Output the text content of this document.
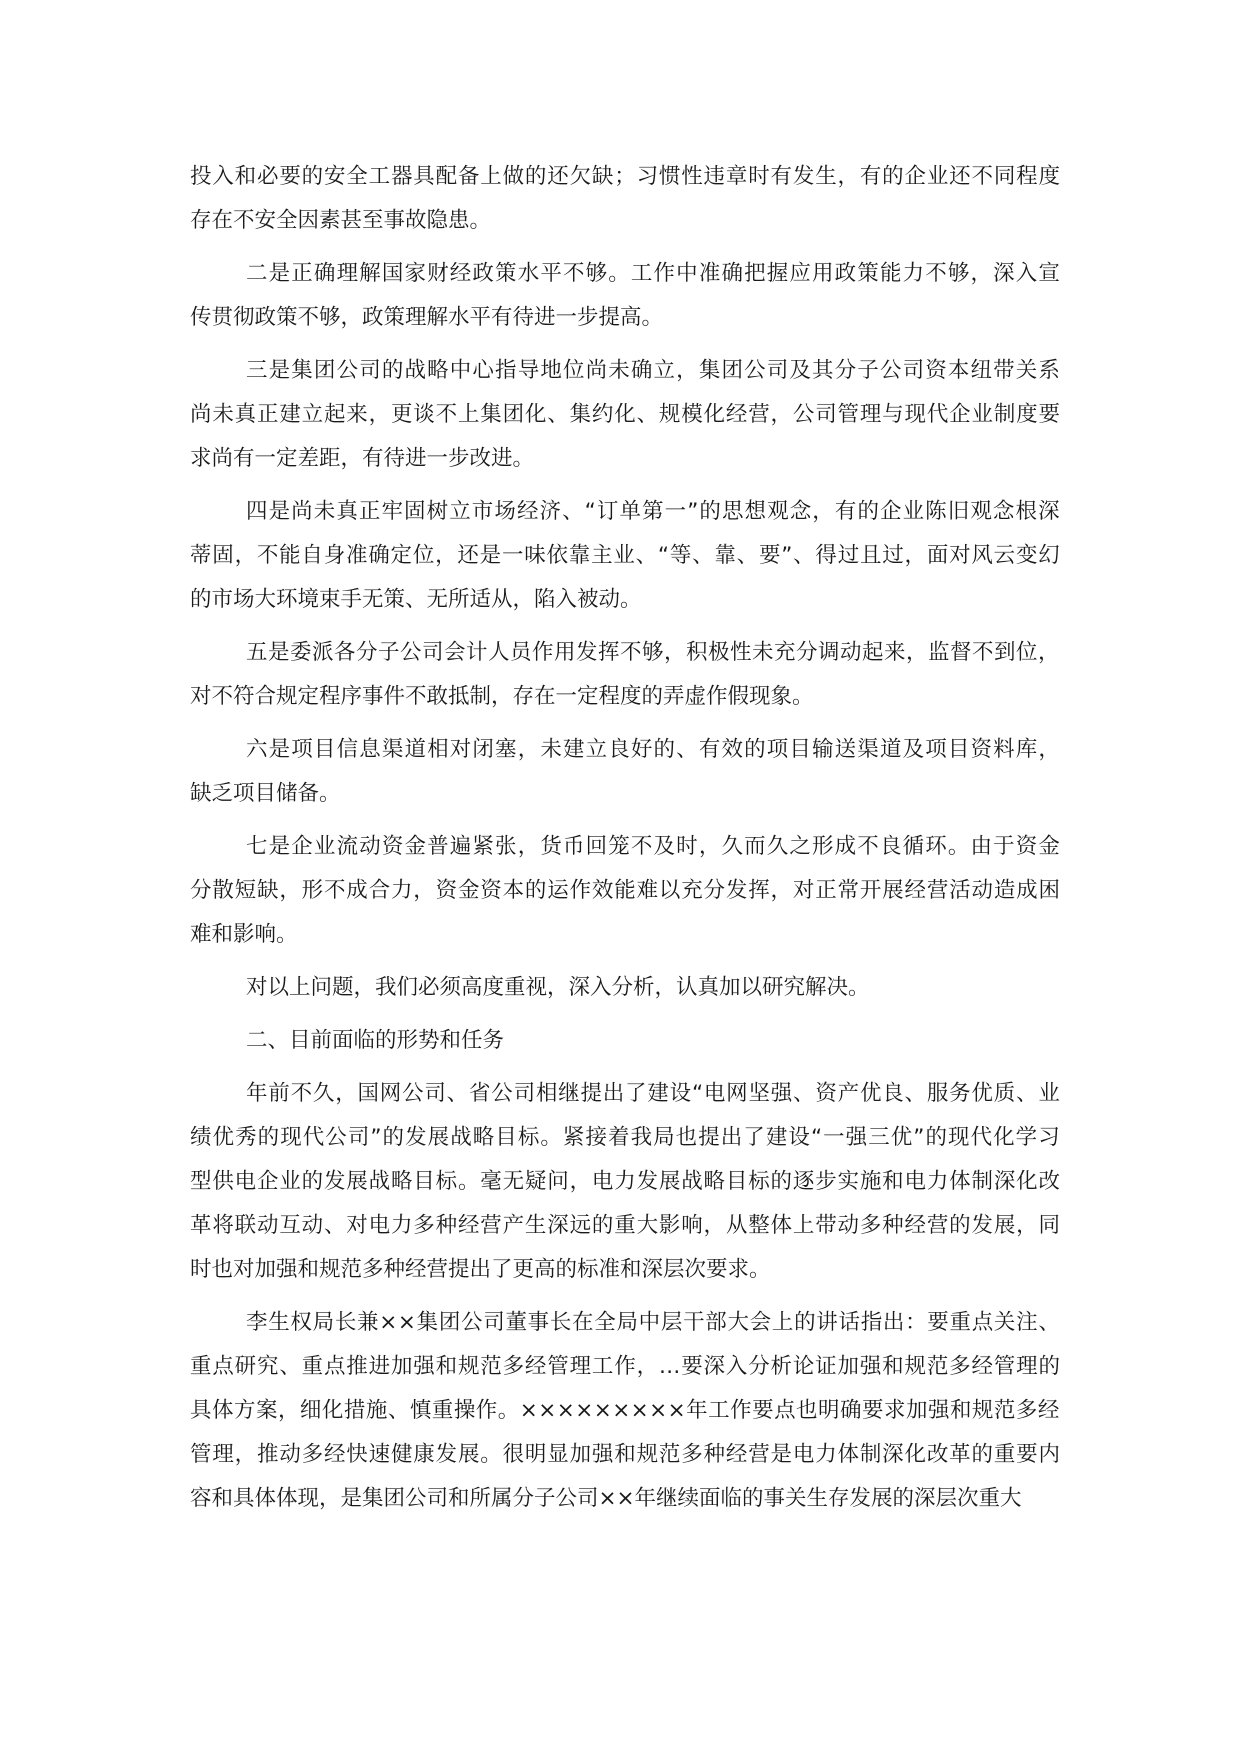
投 入 和 必 要 的 安 全 工 器 具 配 备 上 做 的 还 欠 缺 ； 习 惯 性 违 章 时 有 发 生 ， 有 的 企 业 还 不 同 程 度
存在不安全因素甚至事故隐患。
二 是 正 确 理 解 国 家 财 经 政 策 水 平 不 够 。 工 作 中 准 确 把 握 应 用 政 策 能 力 不 够 ， 深 入 宣
传贯彻政策不够，政策理解水平有待进一步提高。
三 是 集 团 公 司 的 战 略 中 心 指 导 地 位 尚 未 确 立 ， 集 团 公 司 及 其 分 子 公 司 资 本 纽 带 关 系
尚 未 真 正 建 立 起 来 ， 更 谈 不 上 集 团 化 、 集 约 化 、 规 模 化 经 营 ， 公 司 管 理 与 现 代 企 业 制 度 要
求尚有一定差距，有待进一步改进。
四 是 尚 未 真 正 牢 固 树 立 市 场 经 济 、 “ 订 单 第 一 ” 的 思 想 观 念 ， 有 的 企 业 陈 旧 观 念 根 深
蒂 固 ， 不 能 自 身 准 确 定 位 ， 还 是 一 味 依 靠 主 业 、 “ 等 、 靠 、 要 ” 、 得 过 且 过 ， 面 对 风 云 变 幻
的市场大环境束手无策、无所适从，陷入被动。
五 是 委 派 各 分 子 公 司 会 计 人 员 作 用 发 挥 不 够 ， 积 极 性 未 充 分 调 动 起 来 ， 监 督 不 到 位 ，
对不符合规定程序事件不敢抵制，存在一定程度的弄虚作假现象。
六 是 项 目 信 息 渠 道 相 对 闭 塞 ， 未 建 立 良 好 的 、 有 效 的 项 目 输 送 渠 道 及 项 目 资 料 库 ，
缺乏项目储备。
七 是 企 业 流 动 资 金 普 遍 紧 张 ， 货 币 回 笼 不 及 时 ， 久 而 久 之 形 成 不 良 循 环 。 由 于 资 金
分 散 短 缺 ， 形 不 成 合 力 ， 资 金 资 本 的 运 作 效 能 难 以 充 分 发 挥 ， 对 正 常 开 展 经 营 活 动 造 成 困
难和影响。
对以上问题，我们必须高度重视，深入分析，认真加以研究解决。
二、目前面临的形势和任务
年 前 不 久 ， 国 网 公 司 、 省 公 司 相 继 提 出 了 建 设 “ 电 网 坚 强 、 资 产 优 良 、 服 务 优 质 、 业
绩 优 秀 的 现 代 公 司 ” 的 发 展 战 略 目 标 。 紧 接 着 我 局 也 提 出 了 建 设 “ 一 强 三 优 ” 的 现 代 化 学 习
型 供 电 企 业 的 发 展 战 略 目 标 。 毫 无 疑 问 ， 电 力 发 展 战 略 目 标 的 逐 步 实 施 和 电 力 体 制 深 化 改
革 将 联 动 互 动 、 对 电 力 多 种 经 营 产 生 深 远 的 重 大 影 响 ， 从 整 体 上 带 动 多 种 经 营 的 发 展 ， 同
时也对加强和规范多种经营提出了更高的标准和深层次要求。
李 生 权 局 长 兼 × × 集 团 公 司 董 事 长 在 全 局 中 层 干 部 大 会 上 的 讲 话 指 出 ： 要 重 点 关 注 、
重 点 研 究 、 重 点 推 进 加 强 和 规 范 多 经 管 理 工 作 ， … 要 深 入 分 析 论 证 加 强 和 规 范 多 经 管 理 的
具 体 方 案 ， 细 化 措 施 、 慎 重 操 作 。 × × × × × × × × × 年 工 作 要 点 也 明 确 要 求 加 强 和 规 范 多 经
管 理 ， 推 动 多 经 快 速 健 康 发 展 。 很 明 显 加 强 和 规 范 多 种 经 营 是 电 力 体 制 深 化 改 革 的 重 要 内
容和具体体现，是集团公司和所属分子公司××年继续面临的事关生存发展的深层次重大
